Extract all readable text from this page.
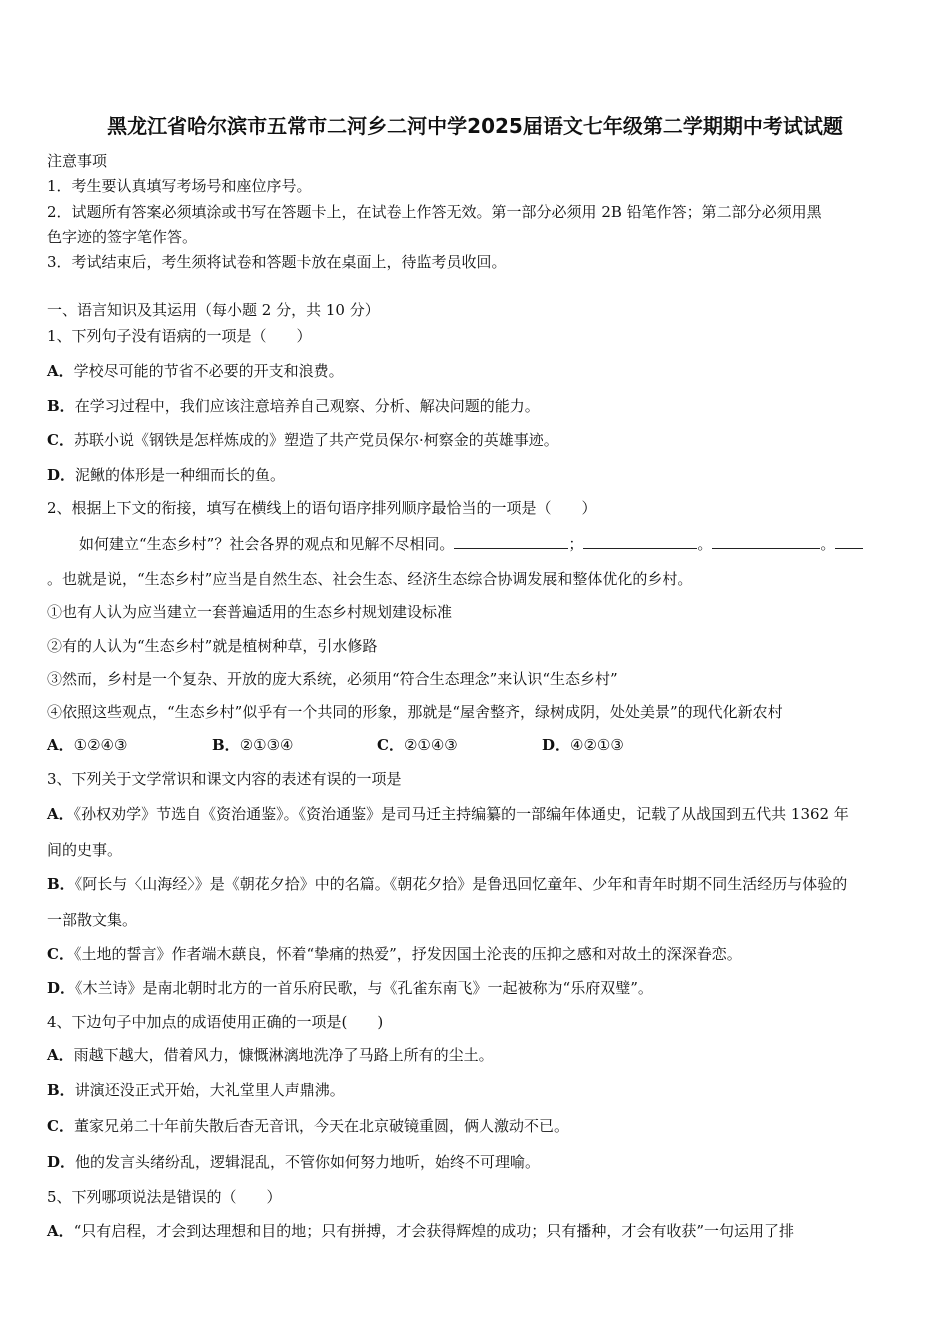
黑龙江省哈尔滨市五常市二河乡二河中学2025届语文七年级第二学期期中考试试题
注意事项
1．考生要认真填写考场号和座位序号。
2．试题所有答案必须填涂或书写在答题卡上，在试卷上作答无效。第一部分必须用 2B 铅笔作答；第二部分必须用黑
色字迹的签字笔作答。
3．考试结束后，考生须将试卷和答题卡放在桌面上，待监考员收回。
一、语言知识及其运用（每小题 2 分，共 10 分）
1、下列句子没有语病的一项是（　　）
A．学校尽可能的节省不必要的开支和浪费。
B．在学习过程中，我们应该注意培养自己观察、分析、解决问题的能力。
C．苏联小说《钢铁是怎样炼成的》塑造了共产党员保尔·柯察金的英雄事迹。
D．泥鳅的体形是一种细而长的鱼。
2、根据上下文的衔接，填写在横线上的语句语序排列顺序最恰当的一项是（　　）
如何建立“生态乡村”？社会各界的观点和见解不尽相同。	；	。	。
。也就是说，“生态乡村”应当是自然生态、社会生态、经济生态综合协调发展和整体优化的乡村。
①也有人认为应当建立一套普遍适用的生态乡村规划建设标准
②有的人认为“生态乡村”就是植树种草，引水修路
③然而，乡村是一个复杂、开放的庞大系统，必须用“符合生态理念”来认识“生态乡村”
④依照这些观点，“生态乡村”似乎有一个共同的形象，那就是“屋舍整齐，绿树成阴，处处美景”的现代化新农村
A．①②④③	B．②①③④	C．②①④③	D．④②①③
3、下列关于文学常识和课文内容的表述有误的一项是
A．《孙权劝学》节选自《资治通鉴》。《资治通鉴》是司马迁主持编纂的一部编年体通史，记载了从战国到五代共 1362 年
间的史事。
B．《阿长与〈山海经〉》是《朝花夕拾》中的名篇。《朝花夕拾》是鲁迅回忆童年、少年和青年时期不同生活经历与体验的
一部散文集。
C．《土地的誓言》作者端木蕻良，怀着“挚痛的热爱”，抒发因国土沦丧的压抑之感和对故土的深深眷恋。
D．《木兰诗》是南北朝时北方的一首乐府民歌，与《孔雀东南飞》一起被称为“乐府双璧”。
4、下边句子中加点的成语使用正确的一项是(　　)
A．雨越下越大，借着风力，慷慨淋漓地洗净了马路上所有的尘土。
B．讲演还没正式开始，大礼堂里人声鼎沸。
C．董家兄弟二十年前失散后杳无音讯，今天在北京破镜重圆，俩人激动不已。
D．他的发言头绪纷乱，逻辑混乱，不管你如何努力地听，始终不可理喻。
5、下列哪项说法是错误的（　　）
A．“只有启程，才会到达理想和目的地；只有拼搏，才会获得辉煌的成功；只有播种，才会有收获”一句运用了排
